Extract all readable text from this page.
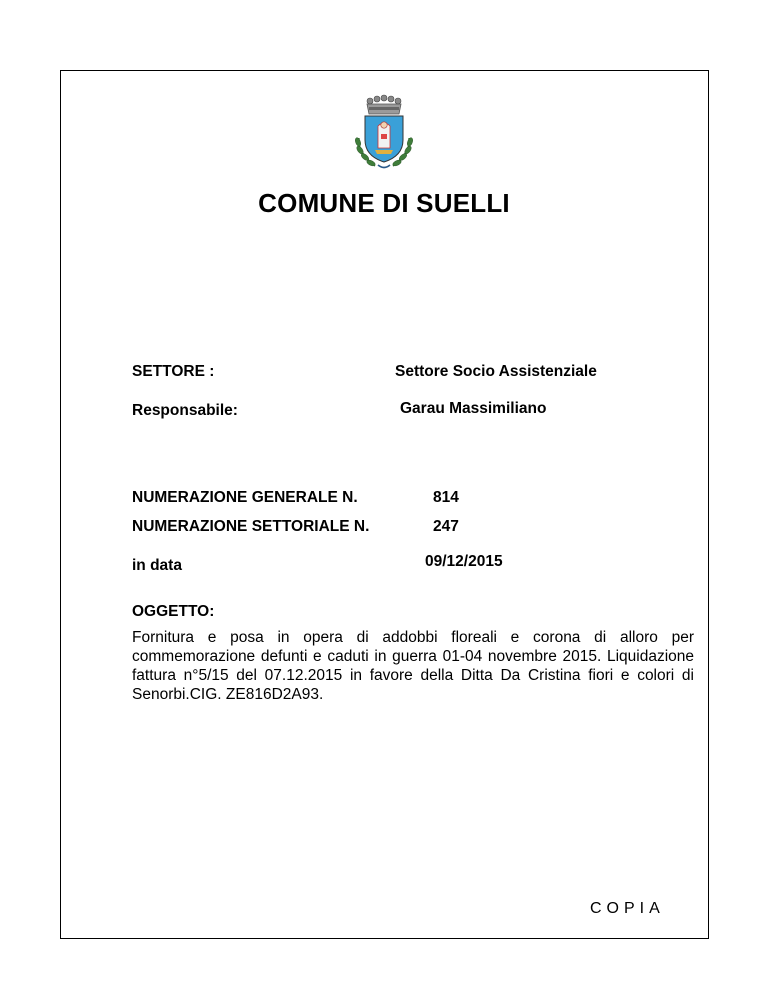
COMUNE DI SUELLI
SETTORE :	Settore Socio Assistenziale
Responsabile:	Garau Massimiliano
NUMERAZIONE GENERALE N.	814
NUMERAZIONE SETTORIALE N.	247
in data	09/12/2015
OGGETTO:
Fornitura e posa in opera di addobbi floreali e corona di alloro per commemorazione defunti e caduti in guerra 01-04 novembre 2015. Liquidazione fattura n°5/15 del 07.12.2015 in favore della Ditta Da Cristina fiori e colori di Senorbi.CIG. ZE816D2A93.
COPIA
